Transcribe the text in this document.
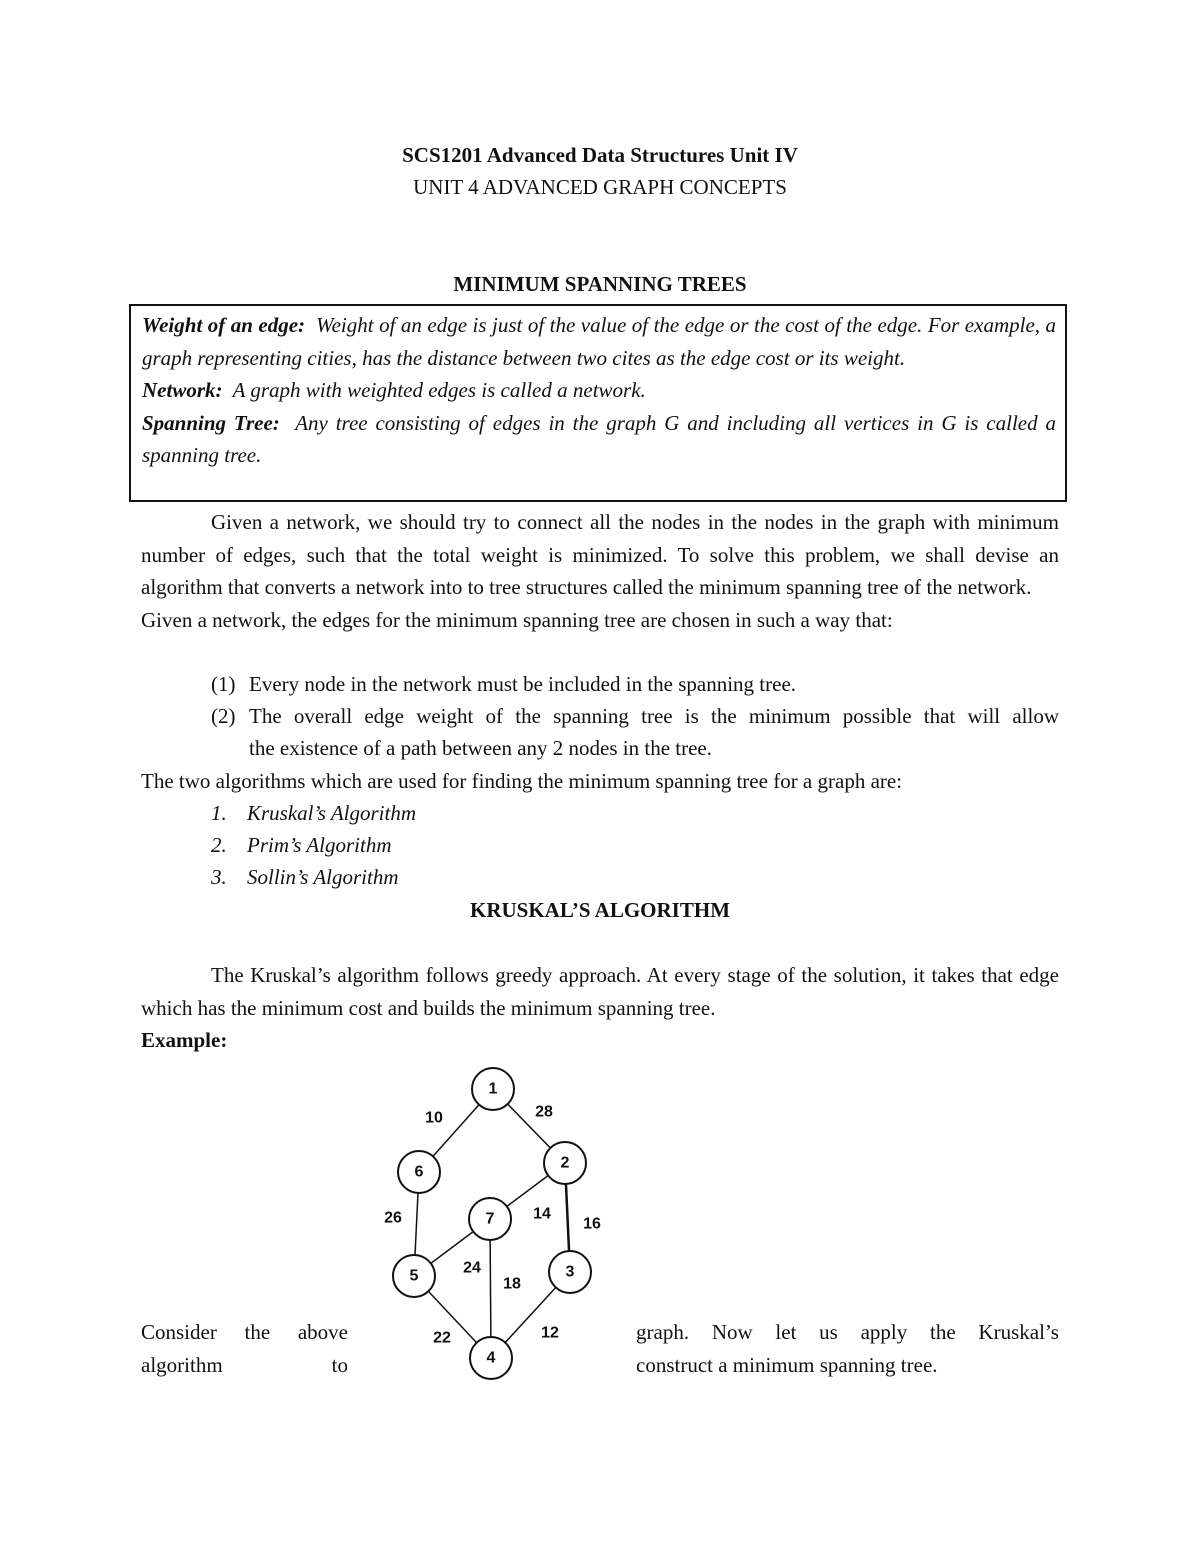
SCS1201 Advanced Data Structures Unit IV
UNIT 4 ADVANCED GRAPH CONCEPTS
MINIMUM SPANNING TREES

Weight of an edge: Weight of an edge is just of the value of the edge or the cost of the edge. For example, a graph representing cities, has the distance between two cites as the edge cost or its weight.

Network: A graph with weighted edges is called a network.

Spanning Tree: Any tree consisting of edges in the graph G and including all vertices in G is called a spanning tree.

Given a network, we should try to connect all the nodes in the nodes in the graph with minimum number of edges, such that the total weight is minimized. To solve this problem, we shall devise an algorithm that converts a network into to tree structures called the minimum spanning tree of the network.

Given a network, the edges for the minimum spanning tree are chosen in such a way that:

(1) Every node in the network must be included in the spanning tree.
(2) The overall edge weight of the spanning tree is the minimum possible that will allow
the existence of a path between any 2 nodes in the tree.
The two algorithms which are used for finding the minimum spanning tree for a graph are:
1. Kruskal’s Algorithm
2. Prim’s Algorithm
3. Sollin’s Algorithm
KRUSKAL’S ALGORITHM

The Kruskal’s algorithm follows greedy approach. At every stage of the solution, it takes that edge which has the minimum cost and builds the minimum spanning tree.

Example:

Consider the above
algorithm	to
graph. Now let us apply the Kruskal’s
construct a minimum spanning tree.
10	28
26	14
16
24
18
22	12
1
2
3
4
5
6
7
